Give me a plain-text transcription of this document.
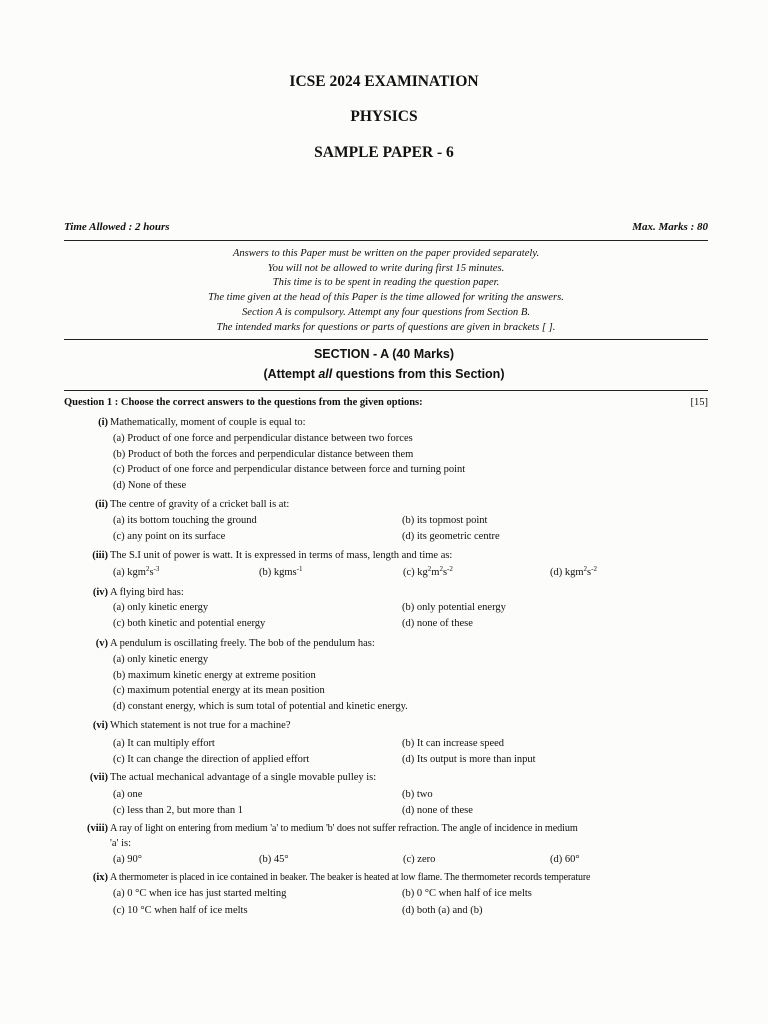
ICSE 2024 EXAMINATION
PHYSICS
SAMPLE PAPER - 6
Time Allowed : 2 hours	Max. Marks : 80
Answers to this Paper must be written on the paper provided separately.
You will not be allowed to write during first 15 minutes.
This time is to be spent in reading the question paper.
The time given at the head of this Paper is the time allowed for writing the answers.
Section A is compulsory. Attempt any four questions from Section B.
The intended marks for questions or parts of questions are given in brackets [ ].
SECTION - A (40 Marks)
(Attempt all questions from this Section)
Question 1 : Choose the correct answers to the questions from the given options:	[15]
(i) Mathematically, moment of couple is equal to:
(a) Product of one force and perpendicular distance between two forces
(b) Product of both the forces and perpendicular distance between them
(c) Product of one force and perpendicular distance between force and turning point
(d) None of these
(ii) The centre of gravity of a cricket ball is at:
(a) its bottom touching the ground	(b) its topmost point
(c) any point on its surface	(d) its geometric centre
(iii) The S.I unit of power is watt. It is expressed in terms of mass, length and time as:
(a) $kgm^2s^{-3}$	(b) kgms$^{-1}$	(c) $kg^2m^2s^{-2}$	(d) $kgm^2s^{-2}$
(iv) A flying bird has:
(a) only kinetic energy	(b) only potential energy
(c) both kinetic and potential energy	(d) none of these
(v) A pendulum is oscillating freely. The bob of the pendulum has:
(a) only kinetic energy
(b) maximum kinetic energy at extreme position
(c) maximum potential energy at its mean position
(d) constant energy, which is sum total of potential and kinetic energy.
(vi) Which statement is not true for a machine?
(a) It can multiply effort	(b) It can increase speed
(c) It can change the direction of applied effort	(d) Its output is more than input
(vii) The actual mechanical advantage of a single movable pulley is:
(a) one	(b) two
(c) less than 2, but more than 1	(d) none of these
(viii) A ray of light on entering from medium 'a' to medium 'b' does not suffer refraction. The angle of incidence in medium
'a' is:
(a) 90°	(b) 45°	(c) zero	(d) 60°
(ix) A thermometer is placed in ice contained in beaker. The beaker is heated at low flame. The thermometer records temperature
(a) 0 °C when ice has just started melting	(b) 0 °C when half of ice melts
(c) 10 °C when half of ice melts	(d) both (a) and (b)
